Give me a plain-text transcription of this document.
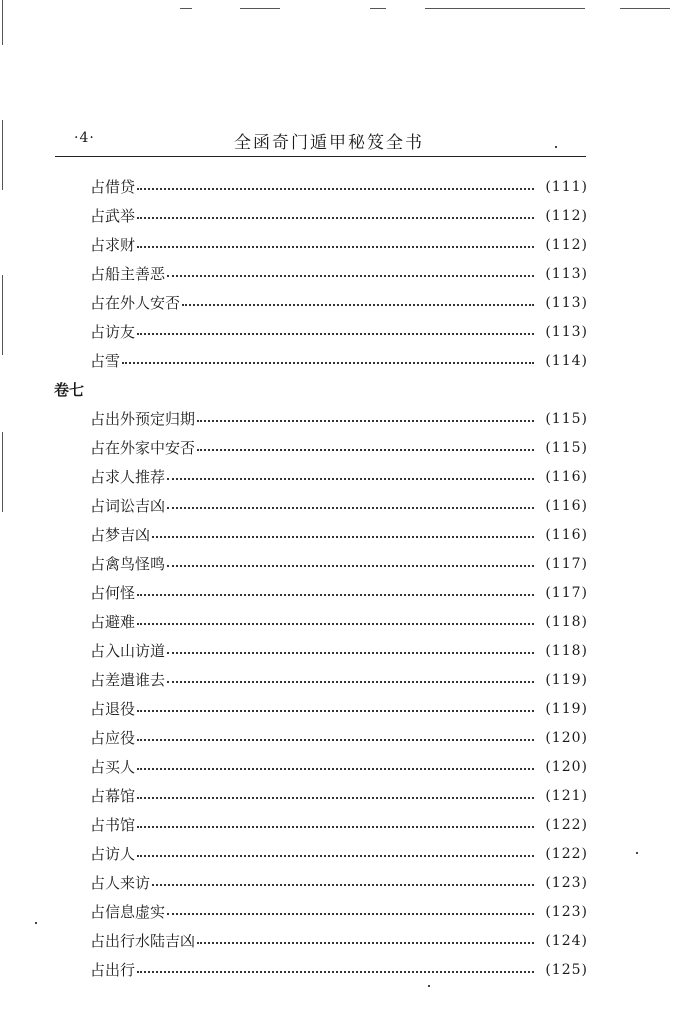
·4·	全函奇门遁甲秘笈全书
占借贷	(111)
占武举	(112)
占求财	(112)
占船主善恶	(113)
占在外人安否	(113)
占访友	(113)
占雪	(114)
卷七
占出外预定归期	(115)
占在外家中安否	(115)
占求人推荐	(116)
占词讼吉凶	(116)
占梦吉凶	(116)
占禽鸟怪鸣	(117)
占何怪	(117)
占避难	(118)
占入山访道	(118)
占差遣谁去	(119)
占退役	(119)
占应役	(120)
占买人	(120)
占幕馆	(121)
占书馆	(122)
占访人	(122)
占人来访	(123)
占信息虚实	(123)
占出行水陆吉凶	(124)
占出行	(125)
